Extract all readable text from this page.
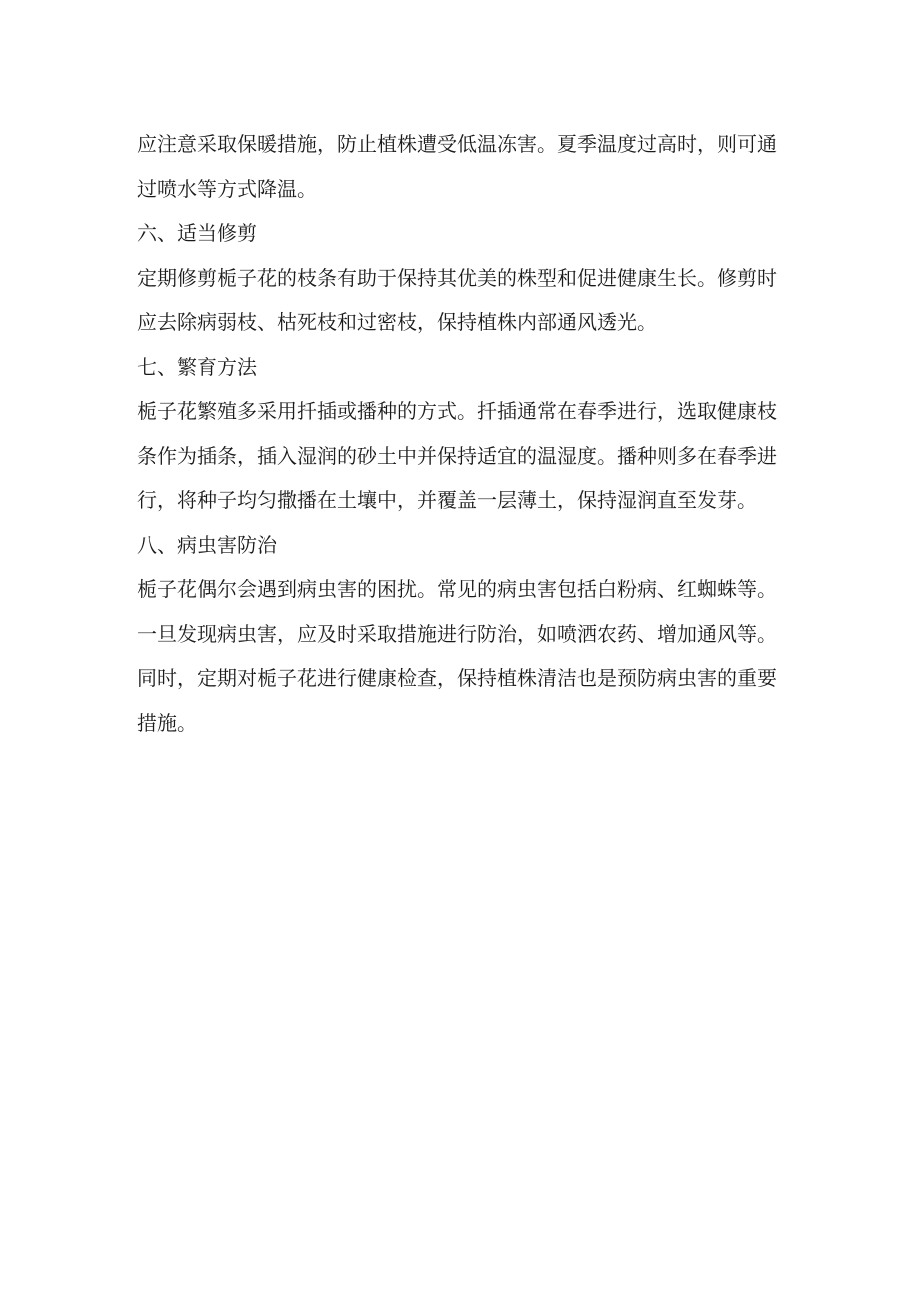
应注意采取保暖措施，防止植株遭受低温冻害。夏季温度过高时，则可通
过喷水等方式降温。

六、适当修剪

定期修剪栀子花的枝条有助于保持其优美的株型和促进健康生长。修剪时
应去除病弱枝、枯死枝和过密枝，保持植株内部通风透光。

七、繁育方法

栀子花繁殖多采用扦插或播种的方式。扦插通常在春季进行，选取健康枝
条作为插条，插入湿润的砂土中并保持适宜的温湿度。播种则多在春季进
行，将种子均匀撒播在土壤中，并覆盖一层薄土，保持湿润直至发芽。

八、病虫害防治

栀子花偶尔会遇到病虫害的困扰。常见的病虫害包括白粉病、红蜘蛛等。
一旦发现病虫害，应及时采取措施进行防治，如喷洒农药、增加通风等。
同时，定期对栀子花进行健康检查，保持植株清洁也是预防病虫害的重要
措施。
